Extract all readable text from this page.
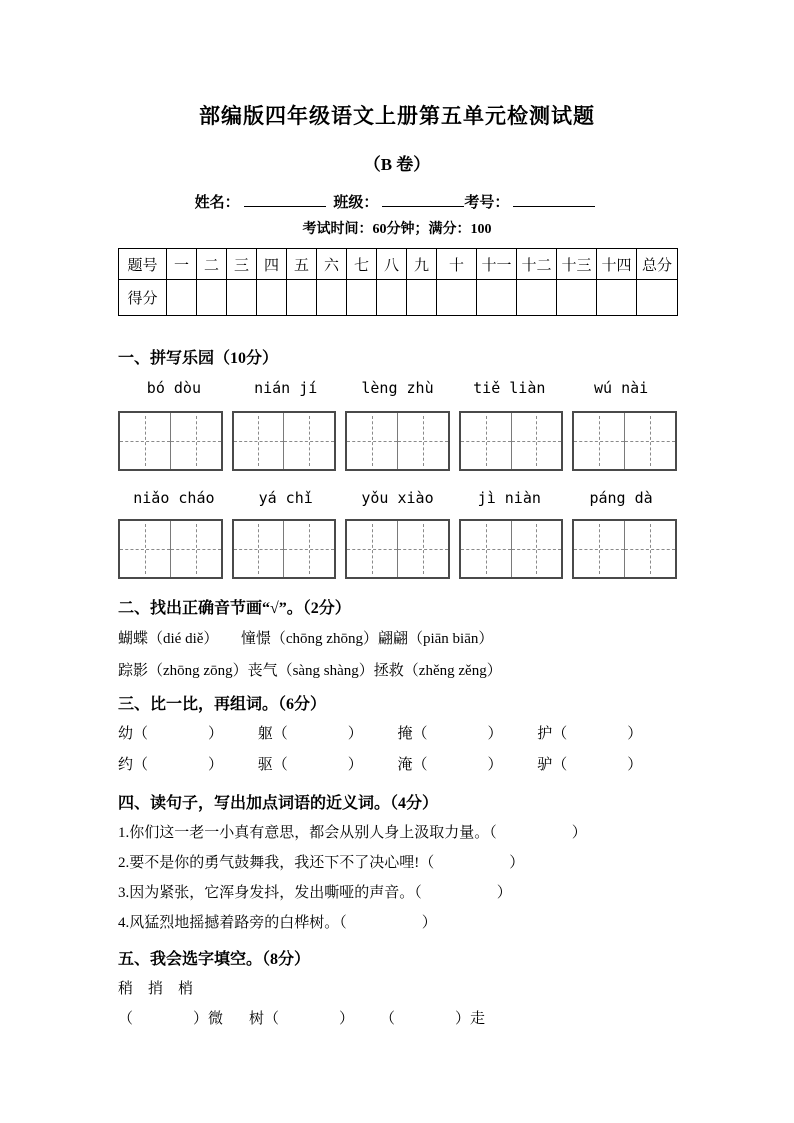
部编版四年级语文上册第五单元检测试题
（B 卷）
姓名：	班级：	考号：
考试时间：60分钟；满分：100
题号	一	二	三	四	五	六	七	八	九	十	十一	十二	十三	十四	总分
得分															
一、拼写乐园（10分）
bó dòu	nián jí	lèng zhù	tiě liàn	wú nài
niǎo cháo	yá chǐ	yǒu xiào	jì niàn	páng dà
二、找出正确音节画“√”。（2分）
蝴蝶（dié diě）　　憧憬（chōng zhōng）翩翩（piān biān）
踪影（zhōng zōng）丧气（sàng shàng）拯救（zhěng zěng）
三、比一比，再组词。（6分）
幼（　　　　）	躯（　　　　）	掩（　　　　）	护（　　　　）
约（　　　　）	驱（　　　　）	淹（　　　　）	驴（　　　　）
四、读句子，写出加点词语的近义词。（4分）
1.你们这一老一小真有意思，都会从别人身上汲取力量。（　　　　　）
2.要不是你的勇气鼓舞我，我还下不了决心哩!（　　　　　）
3.因为紧张，它浑身发抖，发出嘶哑的声音。（　　　　　）
4.风猛烈地摇撼着路旁的白桦树。（　　　　　）
五、我会选字填空。（8分）
稍　捎　梢
（　　　　）微 树（　　　　） （　　　　）走
